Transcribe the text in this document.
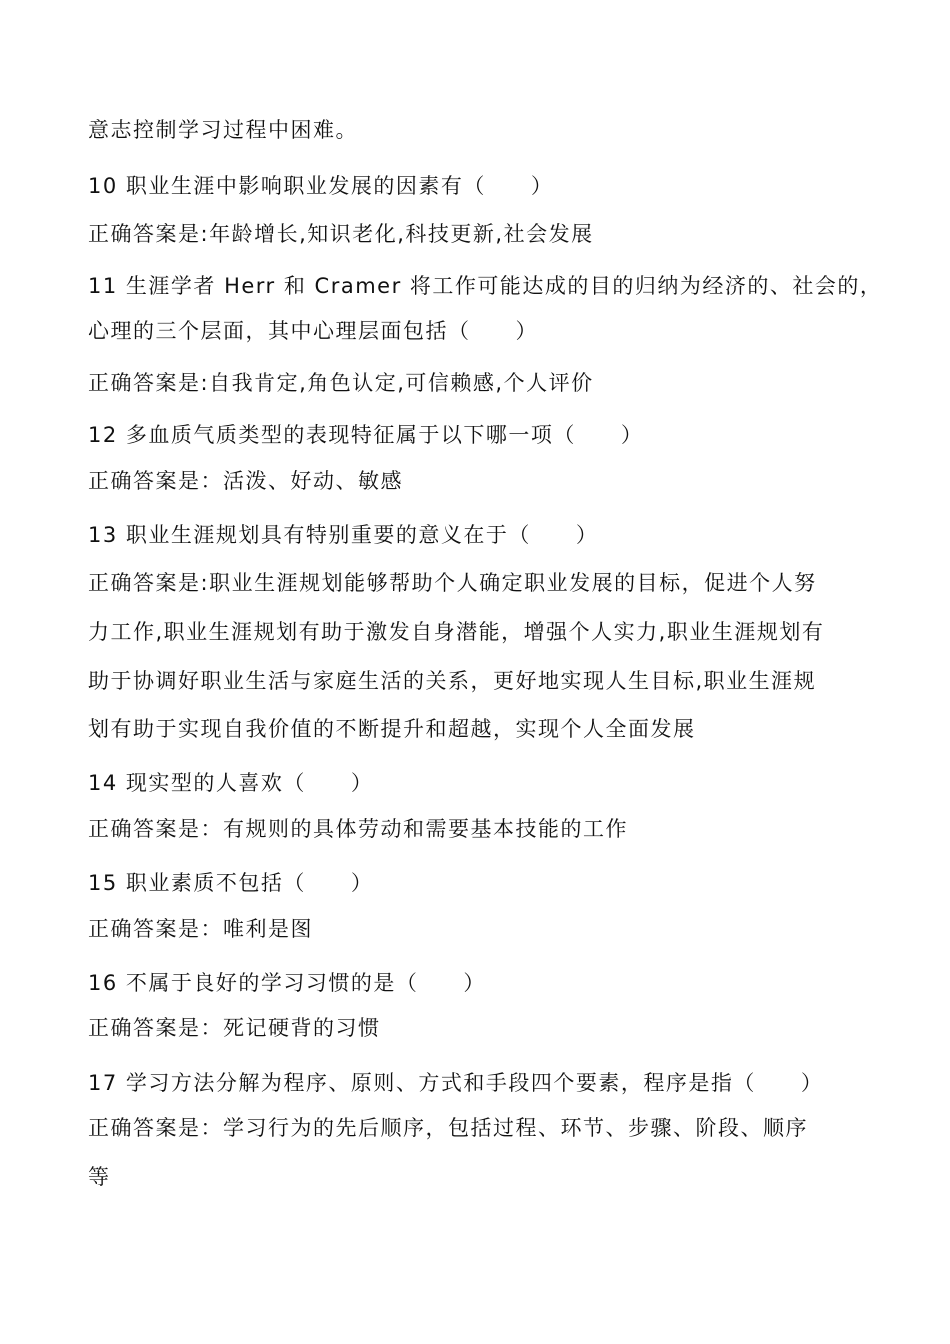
意志控制学习过程中困难。
10 职业生涯中影响职业发展的因素有（　　）
正确答案是:年龄增长,知识老化,科技更新,社会发展
11 生涯学者 Herr 和 Cramer 将工作可能达成的目的归纳为经济的、社会的，
心理的三个层面，其中心理层面包括（　　）
正确答案是:自我肯定,角色认定,可信赖感,个人评价
12 多血质气质类型的表现特征属于以下哪一项（　　）
正确答案是：活泼、好动、敏感
13 职业生涯规划具有特别重要的意义在于（　　）
正确答案是:职业生涯规划能够帮助个人确定职业发展的目标，促进个人努
力工作,职业生涯规划有助于激发自身潜能，增强个人实力,职业生涯规划有
助于协调好职业生活与家庭生活的关系，更好地实现人生目标,职业生涯规
划有助于实现自我价值的不断提升和超越，实现个人全面发展
14 现实型的人喜欢（　　）
正确答案是：有规则的具体劳动和需要基本技能的工作
15 职业素质不包括（　　）
正确答案是：唯利是图
16 不属于良好的学习习惯的是（　　）
正确答案是：死记硬背的习惯
17 学习方法分解为程序、原则、方式和手段四个要素，程序是指（　　）
正确答案是：学习行为的先后顺序，包括过程、环节、步骤、阶段、顺序
等
